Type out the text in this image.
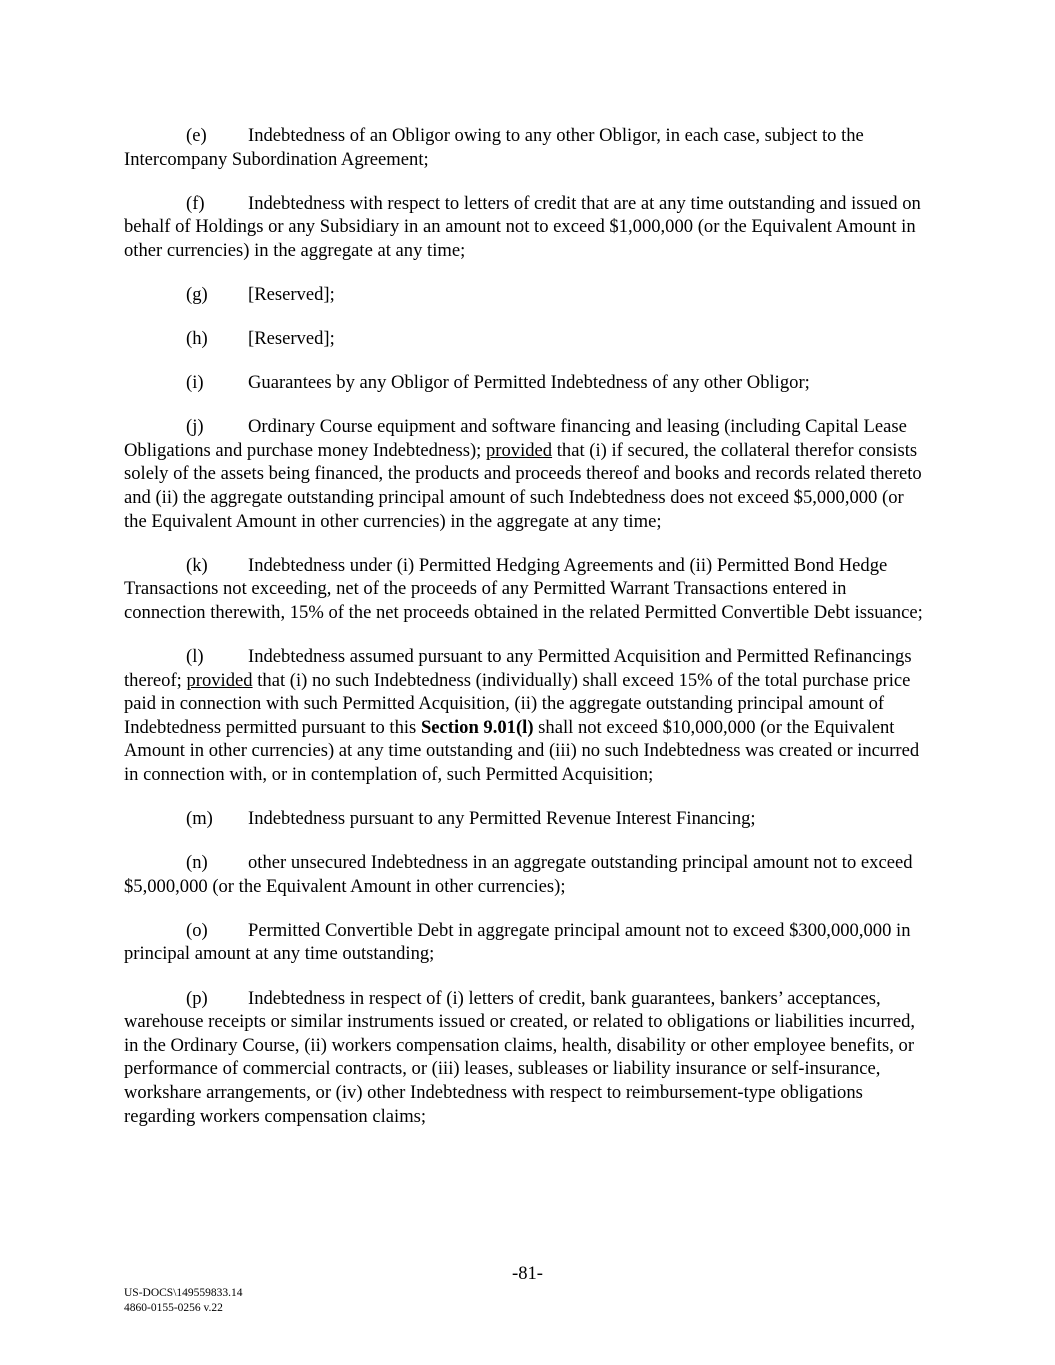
(e) Indebtedness of an Obligor owing to any other Obligor, in each case, subject to the Intercompany Subordination Agreement;

(f) Indebtedness with respect to letters of credit that are at any time outstanding and issued on behalf of Holdings or any Subsidiary in an amount not to exceed $1,000,000 (or the Equivalent Amount in other currencies) in the aggregate at any time;

(g) [Reserved];

(h) [Reserved];

(i) Guarantees by any Obligor of Permitted Indebtedness of any other Obligor;

(j) Ordinary Course equipment and software financing and leasing (including Capital Lease Obligations and purchase money Indebtedness); provided that (i) if secured, the collateral therefor consists solely of the assets being financed, the products and proceeds thereof and books and records related thereto and (ii) the aggregate outstanding principal amount of such Indebtedness does not exceed $5,000,000 (or the Equivalent Amount in other currencies) in the aggregate at any time;

(k) Indebtedness under (i) Permitted Hedging Agreements and (ii) Permitted Bond Hedge Transactions not exceeding, net of the proceeds of any Permitted Warrant Transactions entered in connection therewith, 15% of the net proceeds obtained in the related Permitted Convertible Debt issuance;

(l) Indebtedness assumed pursuant to any Permitted Acquisition and Permitted Refinancings thereof; provided that (i) no such Indebtedness (individually) shall exceed 15% of the total purchase price paid in connection with such Permitted Acquisition, (ii) the aggregate outstanding principal amount of Indebtedness permitted pursuant to this Section 9.01(l) shall not exceed $10,000,000 (or the Equivalent Amount in other currencies) at any time outstanding and (iii) no such Indebtedness was created or incurred in connection with, or in contemplation of, such Permitted Acquisition;

(m) Indebtedness pursuant to any Permitted Revenue Interest Financing;

(n) other unsecured Indebtedness in an aggregate outstanding principal amount not to exceed $5,000,000 (or the Equivalent Amount in other currencies);

(o) Permitted Convertible Debt in aggregate principal amount not to exceed $300,000,000 in principal amount at any time outstanding;

(p) Indebtedness in respect of (i) letters of credit, bank guarantees, bankers’ acceptances, warehouse receipts or similar instruments issued or created, or related to obligations or liabilities incurred, in the Ordinary Course, (ii) workers compensation claims, health, disability or other employee benefits, or performance of commercial contracts, or (iii) leases, subleases or liability insurance or self-insurance, workshare arrangements, or (iv) other Indebtedness with respect to reimbursement-type obligations regarding workers compensation claims;

-81-
US-DOCS\149559833.14
4860-0155-0256 v.22
